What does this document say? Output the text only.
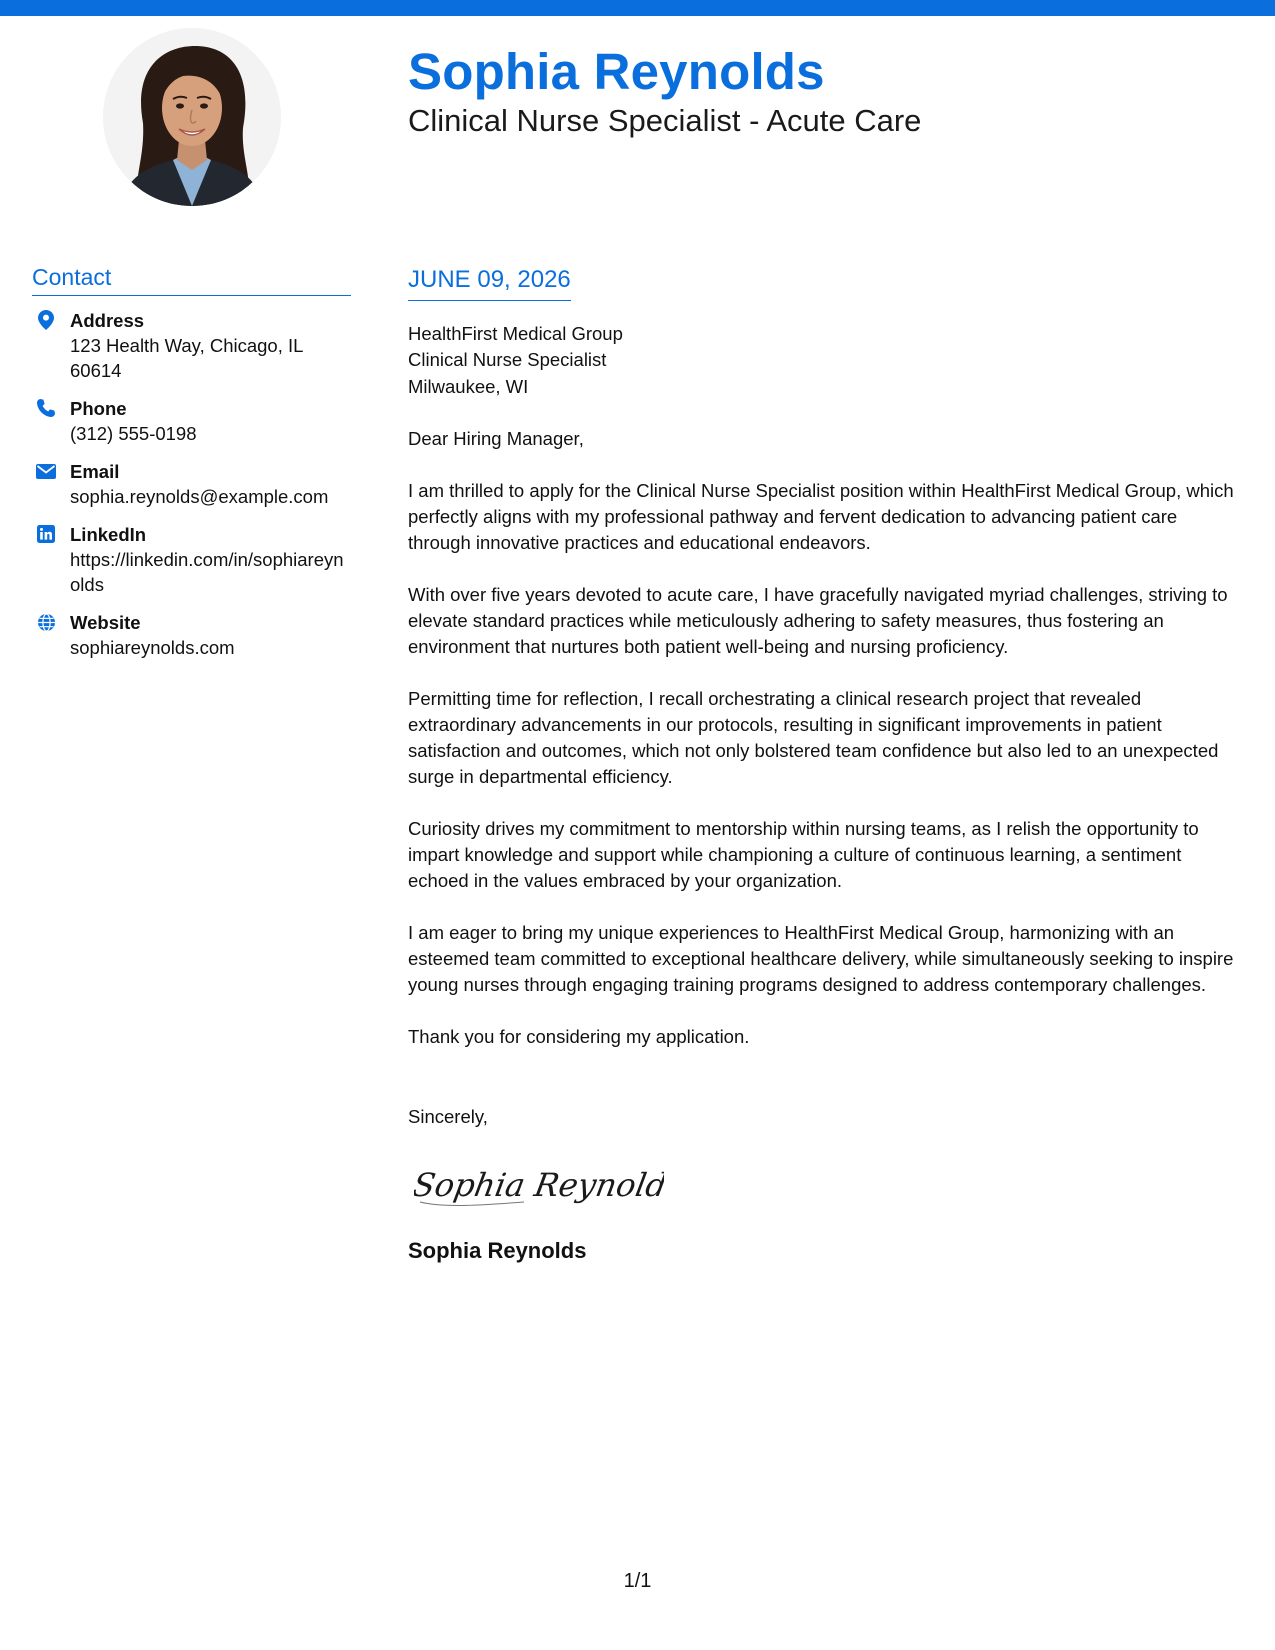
Sophia Reynolds
Clinical Nurse Specialist - Acute Care
Contact
Address
123 Health Way, Chicago, IL 60614
Phone
(312) 555-0198
Email
sophia.reynolds@example.com
LinkedIn
https://linkedin.com/in/sophiareynolds
Website
sophiareynolds.com
JUNE 09, 2026
HealthFirst Medical Group
Clinical Nurse Specialist
Milwaukee, WI
Dear Hiring Manager,

I am thrilled to apply for the Clinical Nurse Specialist position within HealthFirst Medical Group, which perfectly aligns with my professional pathway and fervent dedication to advancing patient care through innovative practices and educational endeavors.

With over five years devoted to acute care, I have gracefully navigated myriad challenges, striving to elevate standard practices while meticulously adhering to safety measures, thus fostering an environment that nurtures both patient well-being and nursing proficiency.

Permitting time for reflection, I recall orchestrating a clinical research project that revealed extraordinary advancements in our protocols, resulting in significant improvements in patient satisfaction and outcomes, which not only bolstered team confidence but also led to an unexpected surge in departmental efficiency.

Curiosity drives my commitment to mentorship within nursing teams, as I relish the opportunity to impart knowledge and support while championing a culture of continuous learning, a sentiment echoed in the values embraced by your organization.

I am eager to bring my unique experiences to HealthFirst Medical Group, harmonizing with an esteemed team committed to exceptional healthcare delivery, while simultaneously seeking to inspire young nurses through engaging training programs designed to address contemporary challenges.

Thank you for considering my application.

Sincerely,
Sophia Reynolds
Sophia Reynolds
1/1
